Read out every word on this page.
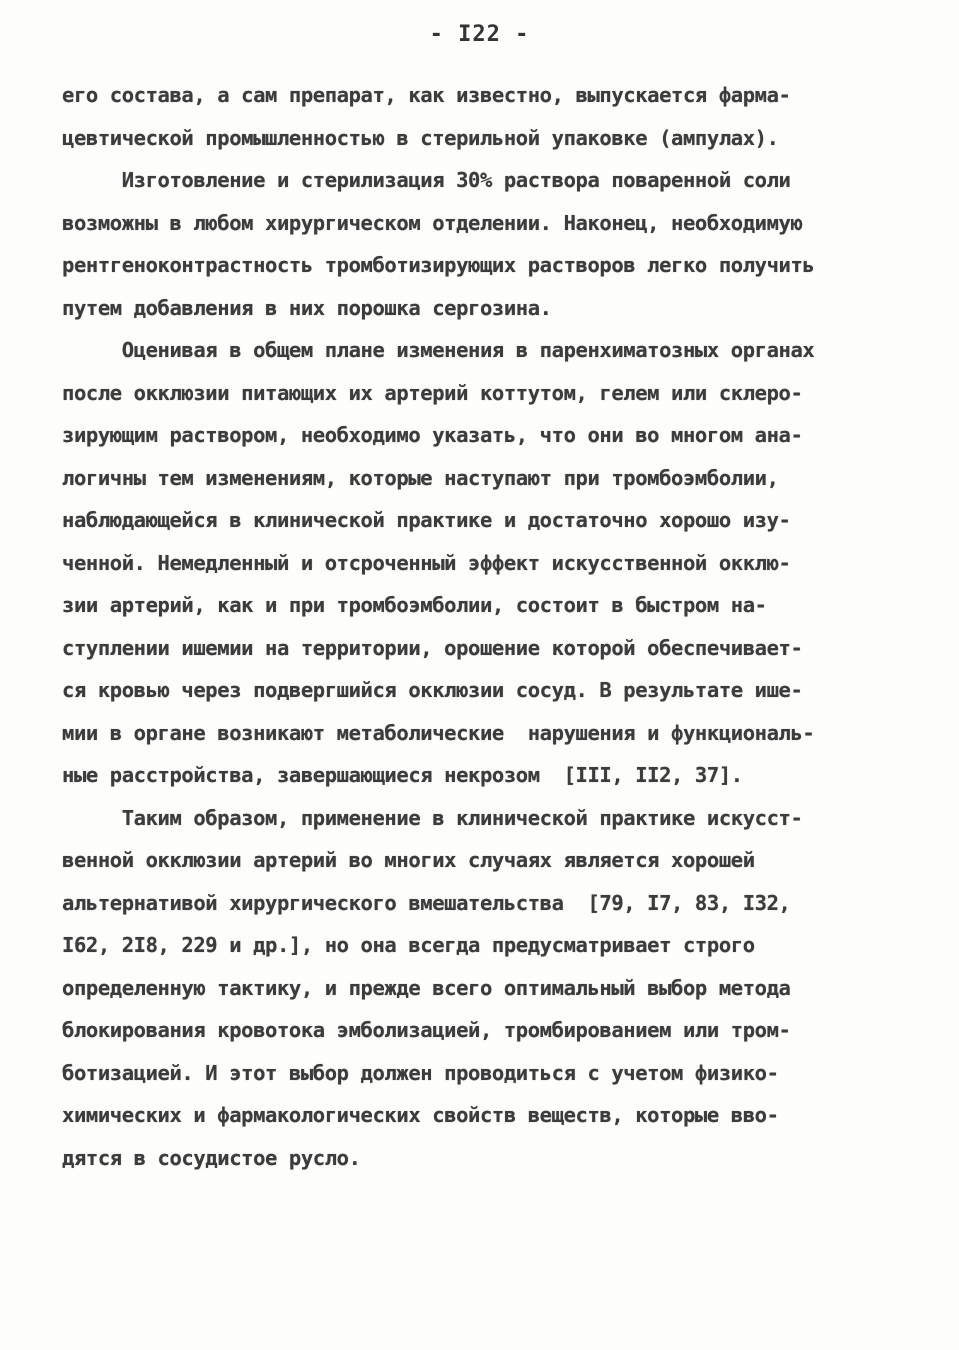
- I22 -
его состава, а сам препарат, как известно, выпускается фарма-
цевтической промышленностью в стерильной упаковке (ампулах).
Изготовление и стерилизация 30% раствора поваренной соли
возможны в любом хирургическом отделении. Наконец, необходимую
рентгеноконтрастность тромботизирующих растворов легко получить
путем добавления в них порошка сергозина.
Оценивая в общем плане изменения в паренхиматозных органах
после окклюзии питающих их артерий коттутом, гелем или склеро-
зирующим раствором, необходимо указать, что они во многом ана-
логичны тем изменениям, которые наступают при тромбоэмболии,
наблюдающейся в клинической практике и достаточно хорошо изу-
ченной. Немедленный и отсроченный эффект искусственной окклю-
зии артерий, как и при тромбоэмболии, состоит в быстром на-
ступлении ишемии на территории, орошение которой обеспечивает-
ся кровью через подвергшийся окклюзии сосуд. В результате ише-
мии в органе возникают метаболические  нарушения и функциональ-
ные расстройства, завершающиеся некрозом  [III, II2, 37].
Таким образом, применение в клинической практике искусст-
венной окклюзии артерий во многих случаях является хорошей
альтернативой хирургического вмешательства  [79, I7, 83, I32,
I62, 2I8, 229 и др.], но она всегда предусматривает строго
определенную тактику, и прежде всего оптимальный выбор метода
блокирования кровотока эмболизацией, тромбированием или тром-
ботизацией. И этот выбор должен проводиться с учетом физико-
химических и фармакологических свойств веществ, которые вво-
дятся в сосудистое русло.
